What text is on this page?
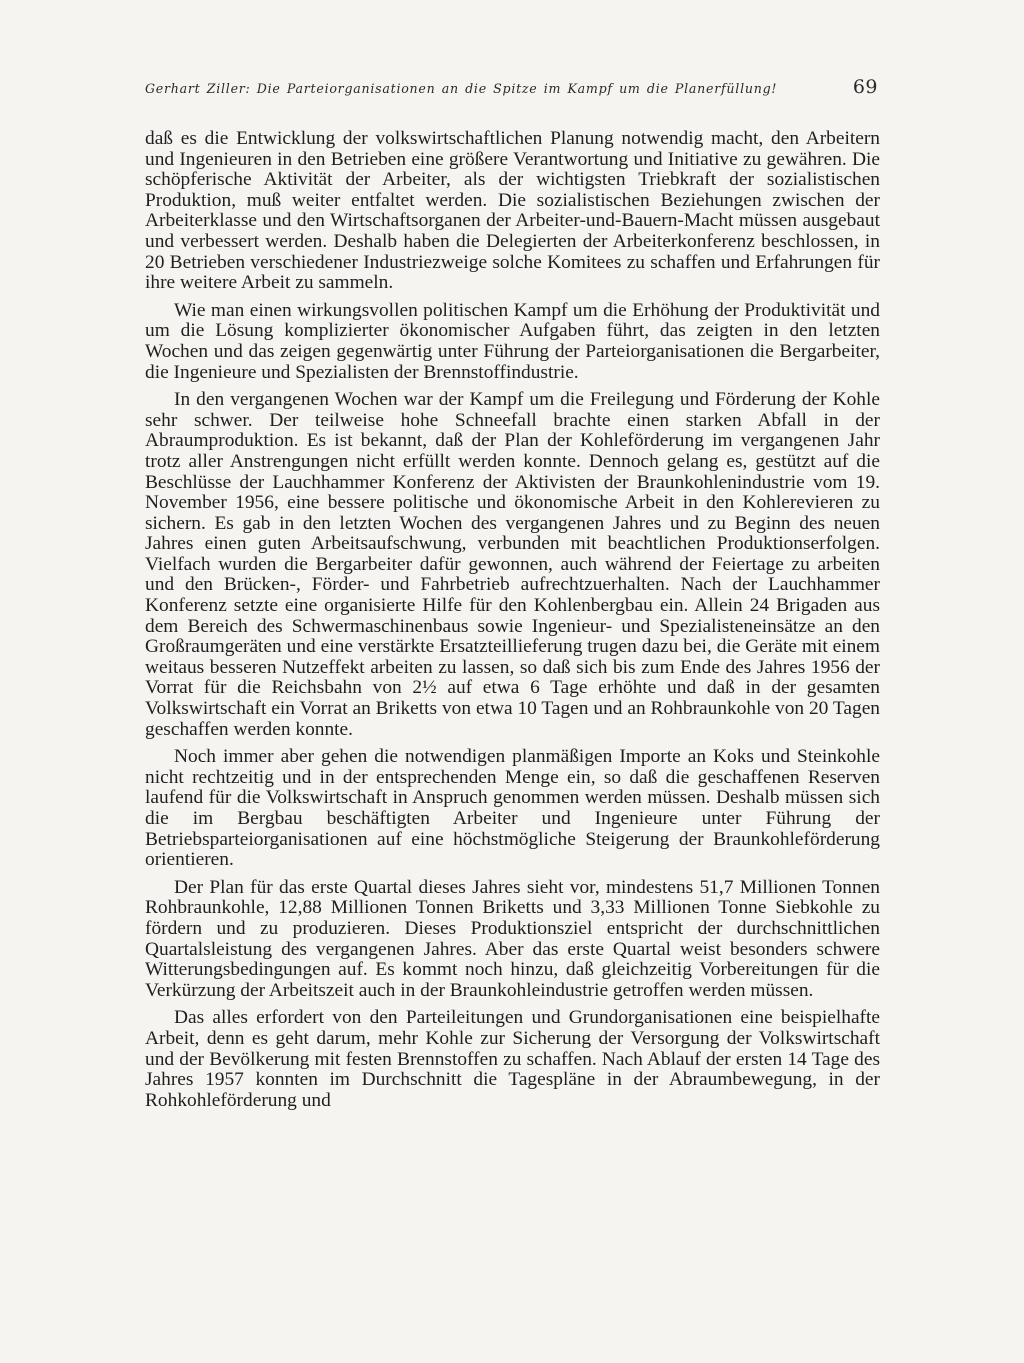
Gerhart Ziller: Die Parteiorganisationen an die Spitze im Kampf um die Planerfüllung!	69

daß es die Entwicklung der volkswirtschaftlichen Planung notwendig macht, den Arbeitern und Ingenieuren in den Betrieben eine größere Verantwortung und Initiative zu gewähren. Die schöpferische Aktivität der Arbeiter, als der wichtigsten Triebkraft der sozialistischen Produktion, muß weiter entfaltet werden. Die sozialistischen Beziehungen zwischen der Arbeiterklasse und den Wirtschaftsorganen der Arbeiter-und-Bauern-Macht müssen ausgebaut und verbessert werden. Deshalb haben die Delegierten der Arbeiterkonferenz beschlossen, in 20 Betrieben verschiedener Industriezweige solche Komitees zu schaffen und Erfahrungen für ihre weitere Arbeit zu sammeln.

Wie man einen wirkungsvollen politischen Kampf um die Erhöhung der Produktivität und um die Lösung komplizierter ökonomischer Aufgaben führt, das zeigten in den letzten Wochen und das zeigen gegenwärtig unter Führung der Parteiorganisationen die Bergarbeiter, die Ingenieure und Spezialisten der Brennstoffindustrie.

In den vergangenen Wochen war der Kampf um die Freilegung und Förderung der Kohle sehr schwer. Der teilweise hohe Schneefall brachte einen starken Abfall in der Abraumproduktion. Es ist bekannt, daß der Plan der Kohleförderung im vergangenen Jahr trotz aller Anstrengungen nicht erfüllt werden konnte. Dennoch gelang es, gestützt auf die Beschlüsse der Lauchhammer Konferenz der Aktivisten der Braunkohlenindustrie vom 19. November 1956, eine bessere politische und ökonomische Arbeit in den Kohlerevieren zu sichern. Es gab in den letzten Wochen des vergangenen Jahres und zu Beginn des neuen Jahres einen guten Arbeitsaufschwung, verbunden mit beachtlichen Produktionserfolgen. Vielfach wurden die Bergarbeiter dafür gewonnen, auch während der Feiertage zu arbeiten und den Brücken-, Förder- und Fahrbetrieb aufrechtzuerhalten. Nach der Lauchhammer Konferenz setzte eine organisierte Hilfe für den Kohlenbergbau ein. Allein 24 Brigaden aus dem Bereich des Schwermaschinenbaus sowie Ingenieur- und Spezialisteneinsätze an den Großraumgeräten und eine verstärkte Ersatzteillieferung trugen dazu bei, die Geräte mit einem weitaus besseren Nutzeffekt arbeiten zu lassen, so daß sich bis zum Ende des Jahres 1956 der Vorrat für die Reichsbahn von 2½ auf etwa 6 Tage erhöhte und daß in der gesamten Volkswirtschaft ein Vorrat an Briketts von etwa 10 Tagen und an Rohbraunkohle von 20 Tagen geschaffen werden konnte.

Noch immer aber gehen die notwendigen planmäßigen Importe an Koks und Steinkohle nicht rechtzeitig und in der entsprechenden Menge ein, so daß die geschaffenen Reserven laufend für die Volkswirtschaft in Anspruch genommen werden müssen. Deshalb müssen sich die im Bergbau beschäftigten Arbeiter und Ingenieure unter Führung der Betriebsparteiorganisationen auf eine höchstmögliche Steigerung der Braunkohleförderung orientieren.

Der Plan für das erste Quartal dieses Jahres sieht vor, mindestens 51,7 Millionen Tonnen Rohbraunkohle, 12,88 Millionen Tonnen Briketts und 3,33 Millionen Tonne Siebkohle zu fördern und zu produzieren. Dieses Produktionsziel entspricht der durchschnittlichen Quartalsleistung des vergangenen Jahres. Aber das erste Quartal weist besonders schwere Witterungsbedingungen auf. Es kommt noch hinzu, daß gleichzeitig Vorbereitungen für die Verkürzung der Arbeitszeit auch in der Braunkohleindustrie getroffen werden müssen.

Das alles erfordert von den Parteileitungen und Grundorganisationen eine beispielhafte Arbeit, denn es geht darum, mehr Kohle zur Sicherung der Versorgung der Volkswirtschaft und der Bevölkerung mit festen Brennstoffen zu schaffen. Nach Ablauf der ersten 14 Tage des Jahres 1957 konnten im Durchschnitt die Tagespläne in der Abraumbewegung, in der Rohkohleförderung und
